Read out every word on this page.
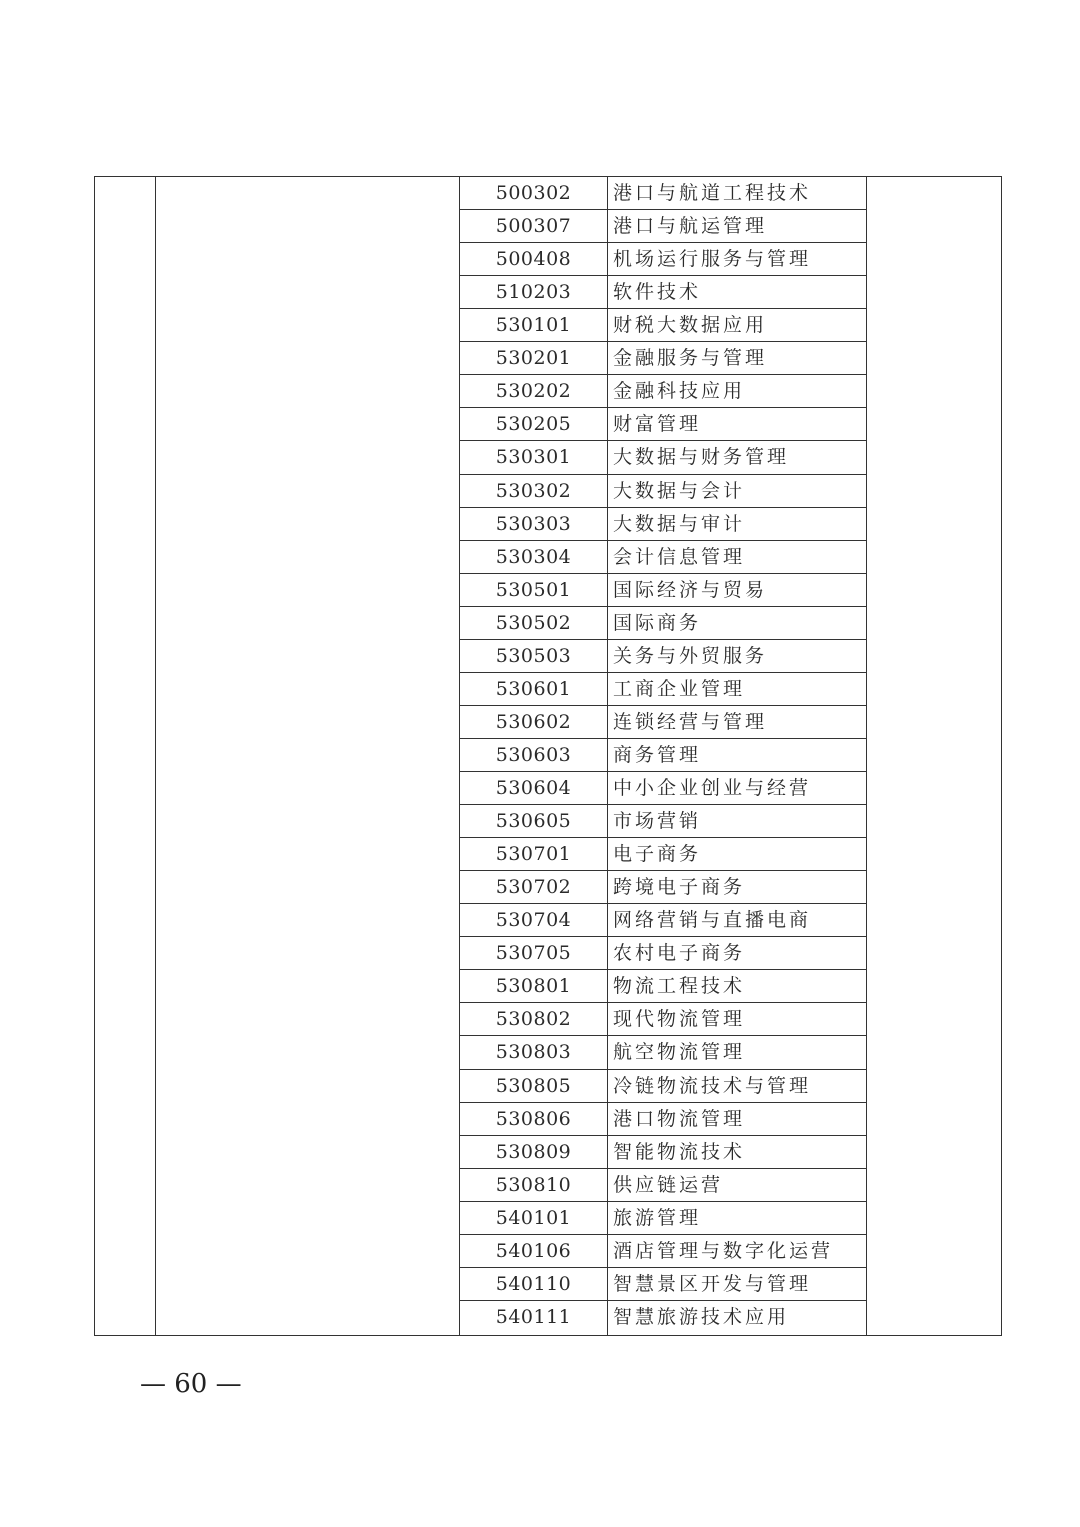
500302	港口与航道工程技术
500307	港口与航运管理
500408	机场运行服务与管理
510203	软件技术
530101	财税大数据应用
530201	金融服务与管理
530202	金融科技应用
530205	财富管理
530301	大数据与财务管理
530302	大数据与会计
530303	大数据与审计
530304	会计信息管理
530501	国际经济与贸易
530502	国际商务
530503	关务与外贸服务
530601	工商企业管理
530602	连锁经营与管理
530603	商务管理
530604	中小企业创业与经营
530605	市场营销
530701	电子商务
530702	跨境电子商务
530704	网络营销与直播电商
530705	农村电子商务
530801	物流工程技术
530802	现代物流管理
530803	航空物流管理
530805	冷链物流技术与管理
530806	港口物流管理
530809	智能物流技术
530810	供应链运营
540101	旅游管理
540106	酒店管理与数字化运营
540110	智慧景区开发与管理
540111	智慧旅游技术应用
— 60 —
